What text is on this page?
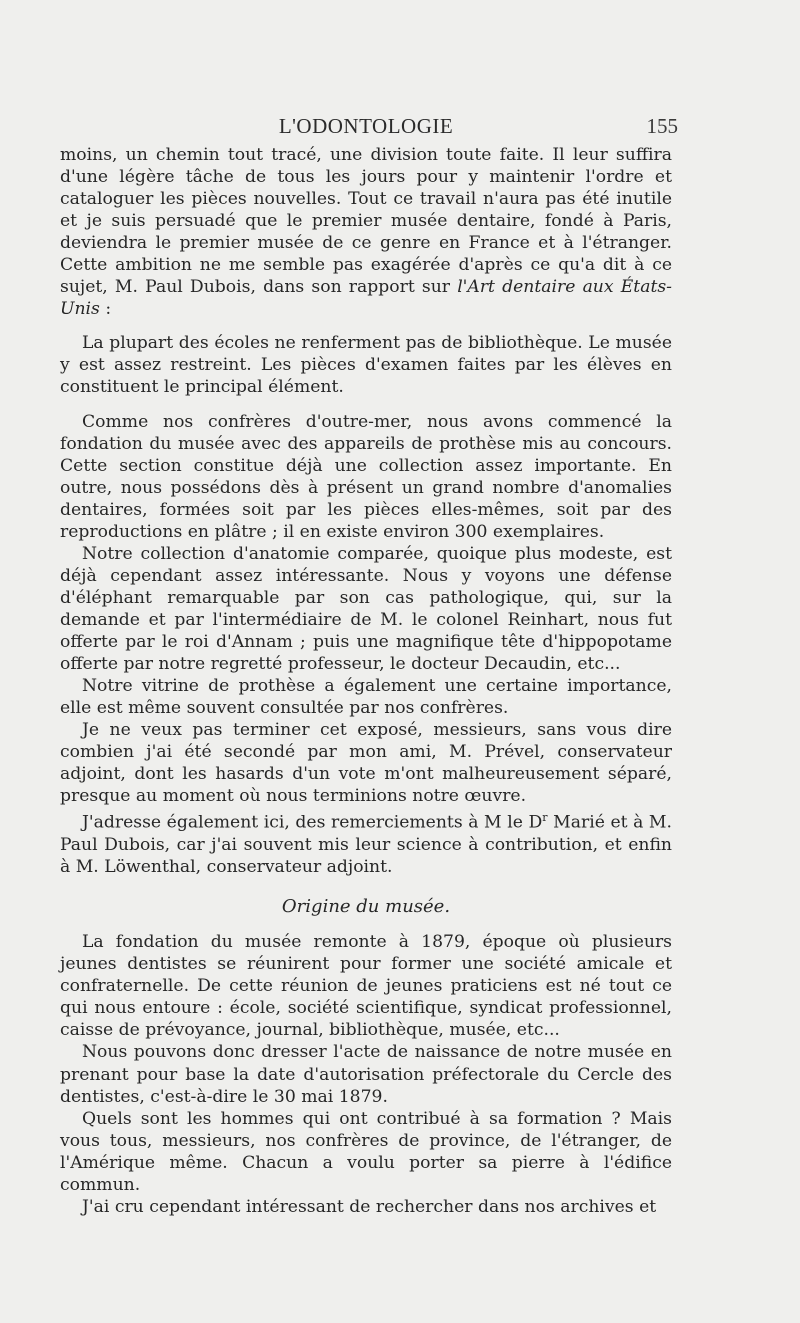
L'ODONTOLOGIE	155

moins, un chemin tout tracé, une division toute faite. Il leur suffira d'une légère tâche de tous les jours pour y maintenir l'ordre et cataloguer les pièces nouvelles. Tout ce travail n'aura pas été inutile et je suis persuadé que le premier musée dentaire, fondé à Paris, deviendra le premier musée de ce genre en France et à l'étranger. Cette ambition ne me semble pas exagérée d'après ce qu'a dit à ce sujet, M. Paul Dubois, dans son rapport sur l'Art dentaire aux États-Unis :

La plupart des écoles ne renferment pas de bibliothèque. Le musée y est assez restreint. Les pièces d'examen faites par les élèves en constituent le principal élément.

Comme nos confrères d'outre-mer, nous avons commencé la fondation du musée avec des appareils de prothèse mis au concours. Cette section constitue déjà une collection assez importante. En outre, nous possédons dès à présent un grand nombre d'anomalies dentaires, formées soit par les pièces elles-mêmes, soit par des reproductions en plâtre ; il en existe environ 300 exemplaires.

Notre collection d'anatomie comparée, quoique plus modeste, est déjà cependant assez intéressante. Nous y voyons une défense d'éléphant remarquable par son cas pathologique, qui, sur la demande et par l'intermédiaire de M. le colonel Reinhart, nous fut offerte par le roi d'Annam ; puis une magnifique tête d'hippopotame offerte par notre regretté professeur, le docteur Decaudin, etc...

Notre vitrine de prothèse a également une certaine importance, elle est même souvent consultée par nos confrères.

Je ne veux pas terminer cet exposé, messieurs, sans vous dire combien j'ai été secondé par mon ami, M. Prével, conservateur adjoint, dont les hasards d'un vote m'ont malheureusement séparé, presque au moment où nous terminions notre œuvre.

J'adresse également ici, des remerciements à M le $D^r$ Marié et à M. Paul Dubois, car j'ai souvent mis leur science à contribution, et enfin à M. Löwenthal, conservateur adjoint.

Origine du musée.

La fondation du musée remonte à 1879, époque où plusieurs jeunes dentistes se réunirent pour former une société amicale et confraternelle. De cette réunion de jeunes praticiens est né tout ce qui nous entoure : école, société scientifique, syndicat professionnel, caisse de prévoyance, journal, bibliothèque, musée, etc...

Nous pouvons donc dresser l'acte de naissance de notre musée en prenant pour base la date d'autorisation préfectorale du Cercle des dentistes, c'est-à-dire le 30 mai 1879.

Quels sont les hommes qui ont contribué à sa formation ? Mais vous tous, messieurs, nos confrères de province, de l'étranger, de l'Amérique même. Chacun a voulu porter sa pierre à l'édifice commun.

J'ai cru cependant intéressant de rechercher dans nos archives et
